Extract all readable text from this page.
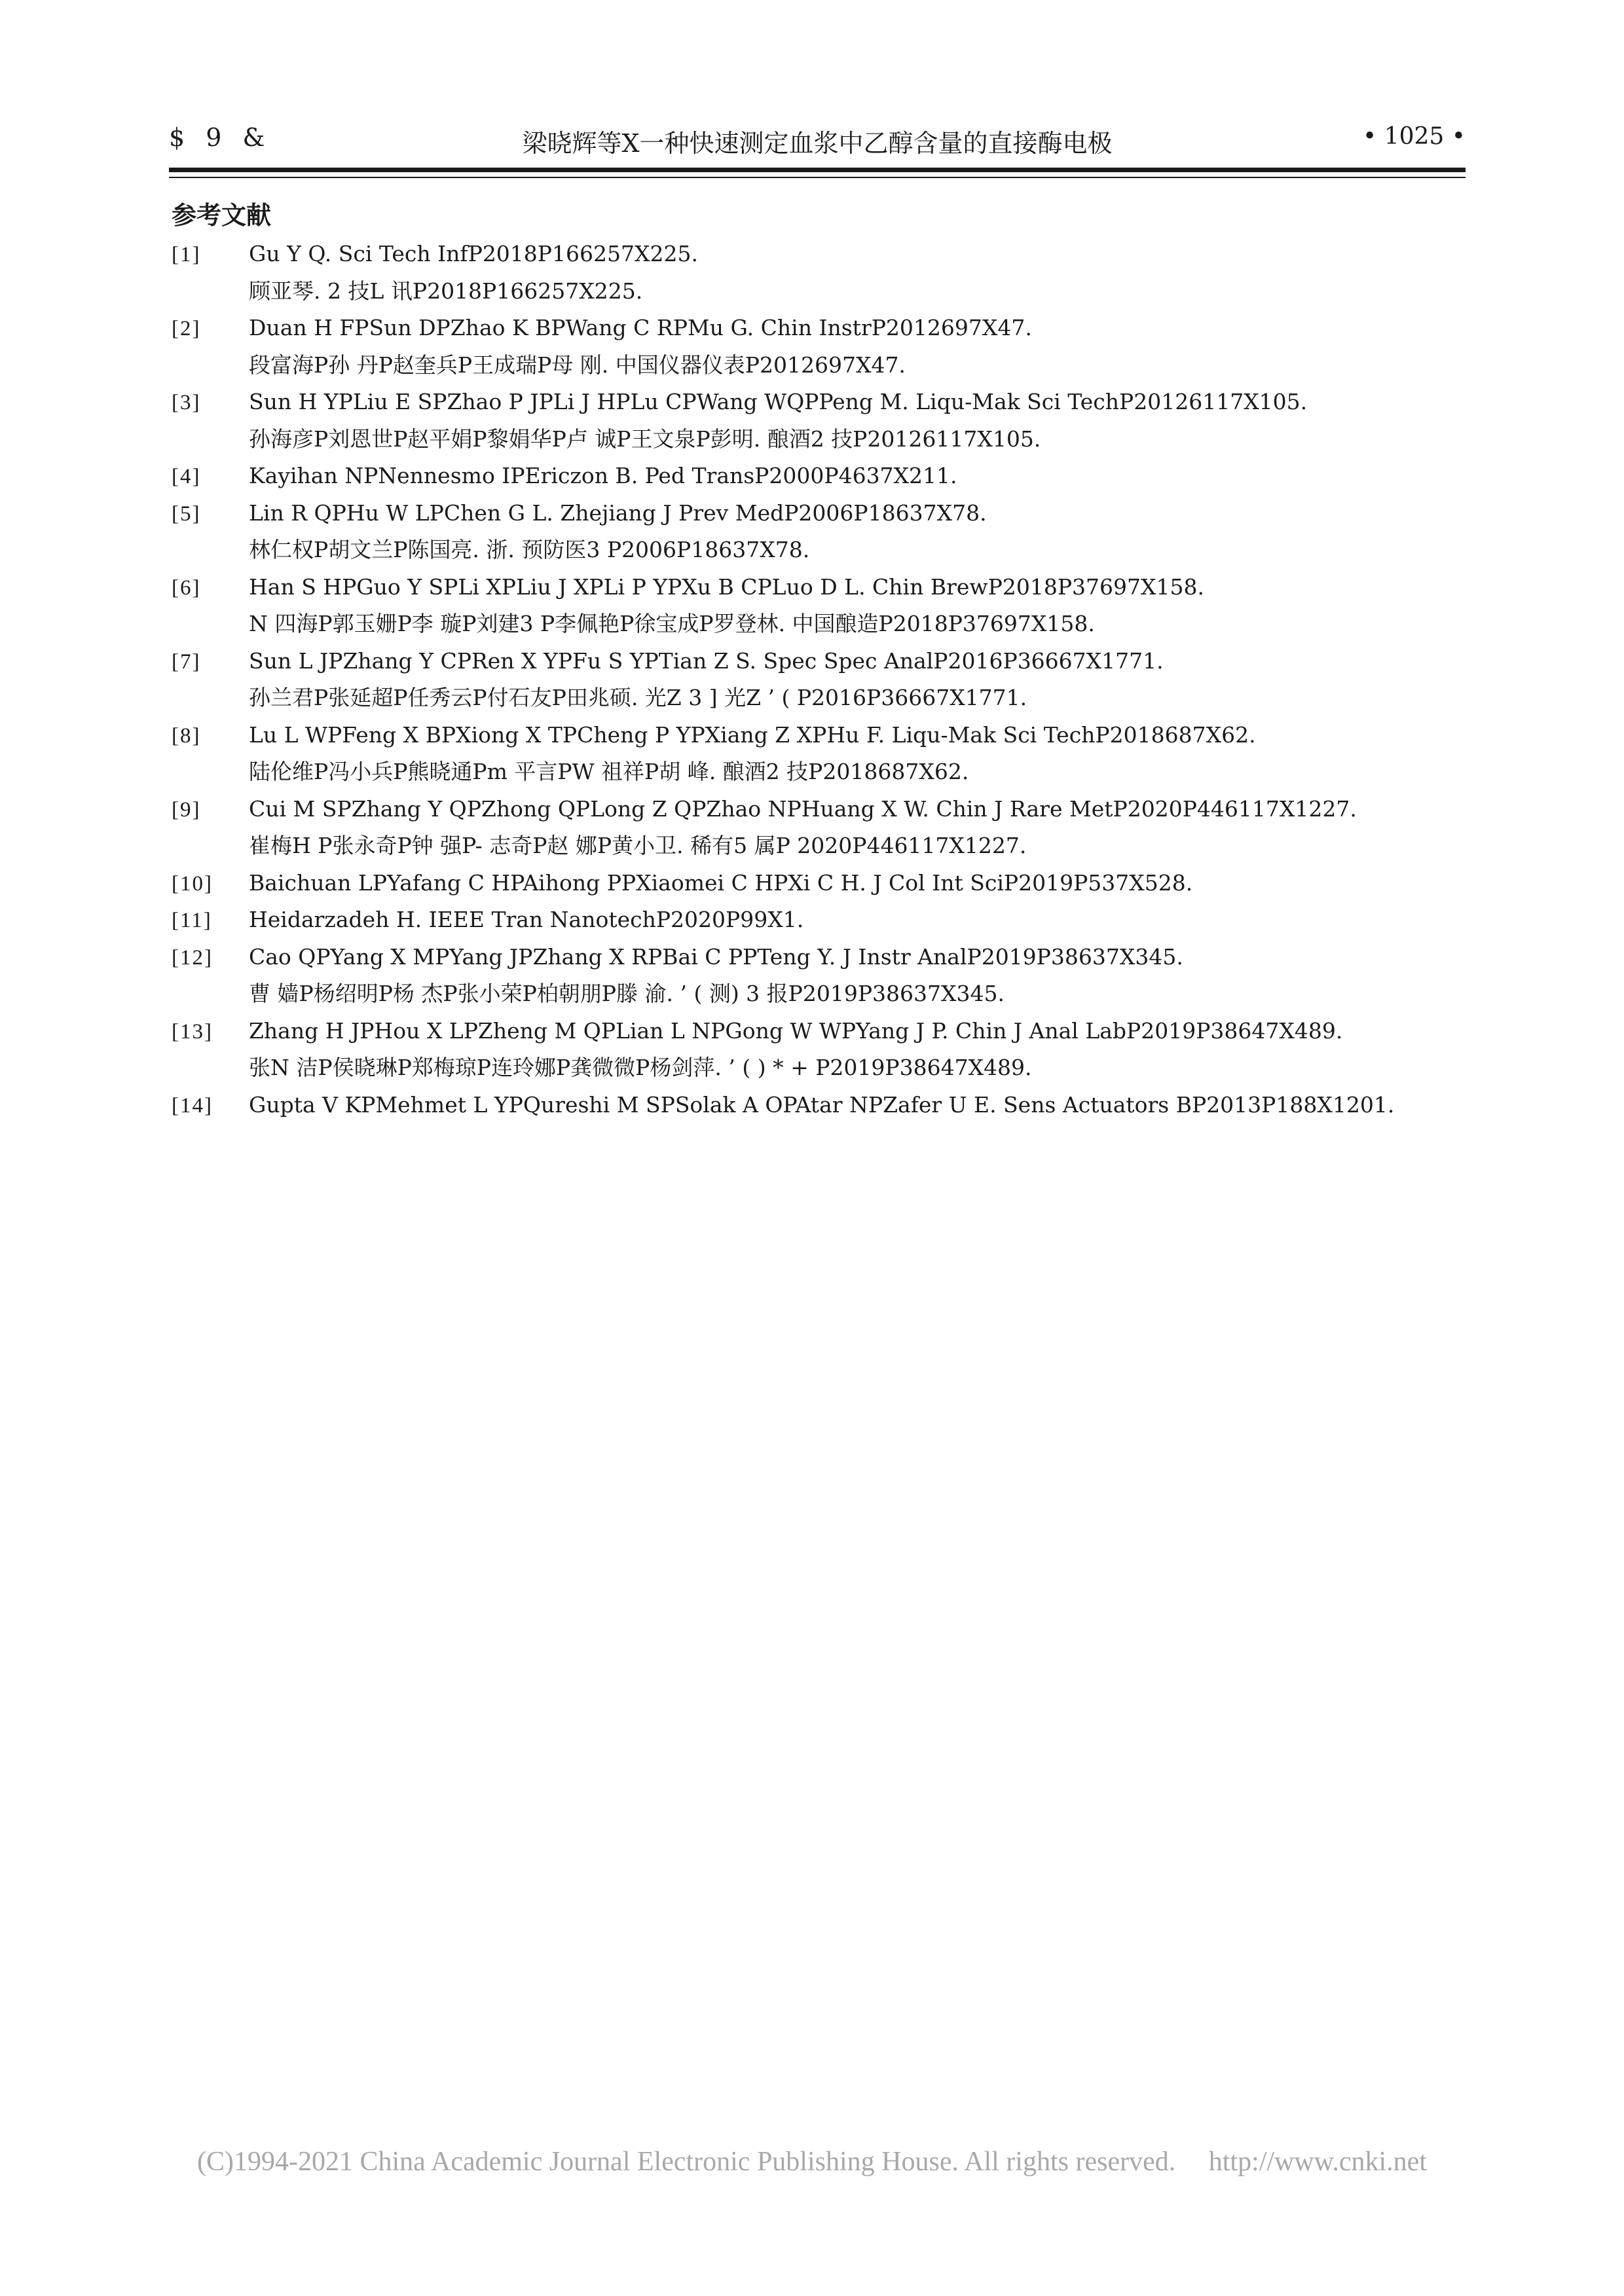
$ 9 &	梁晓辉等X一种快速测定血浆中乙醇含量的直接酶电极	• 1025 •
参考文献
[1] Gu Y Q. Sci Tech InfP2018P166257X225.
顾亚琴. 2 技L 讯P2018P166257X225.
[2] Duan H FPSun DPZhao K BPWang C RPMu G. Chin InstrP2012697X47.
段富海P孙 丹P赵奎兵P王成瑞P母 刚. 中国仪器仪表P2012697X47.
[3] Sun H YPLiu E SPZhao P JPLi J HPLu CPWang WQPPeng M. Liqu-Mak Sci TechP20126117X105.
孙海彦P刘恩世P赵平娟P黎娟华P卢 诚P王文泉P彭明. 酿酒2 技P20126117X105.
[4] Kayihan NPNennesmo IPEriczon B. Ped TransP2000P4637X211.
[5] Lin R QPHu W LPChen G L. Zhejiang J Prev MedP2006P18637X78.
林仁权P胡文兰P陈国亮. 浙. 预防医3 P2006P18637X78.
[6] Han S HPGuo Y SPLi XPLiu J XPLi P YPXu B CPLuo D L. Chin BrewP2018P37697X158.
N 四海P郭玉姗P李 璇P刘建3 P李佩艳P徐宝成P罗登林. 中国酿造P2018P37697X158.
[7] Sun L JPZhang Y CPRen X YPFu S YPTian Z S. Spec Spec AnalP2016P36667X1771.
孙兰君P张延超P任秀云P付石友P田兆硕. 光Z 3 ] 光Z ’ ( P2016P36667X1771.
[8] Lu L WPFeng X BPXiong X TPCheng P YPXiang Z XPHu F. Liqu-Mak Sci TechP2018687X62.
陆伦维P冯小兵P熊晓通Pm 平言PW 祖祥P胡 峰. 酿酒2 技P2018687X62.
[9] Cui M SPZhang Y QPZhong QPLong Z QPZhao NPHuang X W. Chin J Rare MetP2020P446117X1227.
崔梅H P张永奇P钟 强P- 志奇P赵 娜P黄小卫. 稀有5 属P 2020P446117X1227.
[10] Baichuan LPYafang C HPAihong PPXiaomei C HPXi C H. J Col Int SciP2019P537X528.
[11] Heidarzadeh H. IEEE Tran NanotechP2020P99X1.
[12] Cao QPYang X MPYang JPZhang X RPBai C PPTeng Y. J Instr AnalP2019P38637X345.
曹 嫱P杨绍明P杨 杰P张小荣P柏朝朋P滕 渝. ’ ( 测) 3 报P2019P38637X345.
[13] Zhang H JPHou X LPZheng M QPLian L NPGong W WPYang J P. Chin J Anal LabP2019P38647X489.
张N 洁P侯晓琳P郑梅琼P连玲娜P龚微微P杨剑萍. ’ ( ) * + P2019P38647X489.
[14] Gupta V KPMehmet L YPQureshi M SPSolak A OPAtar NPZafer U E. Sens Actuators BP2013P188X1201.
(C)1994-2021 China Academic Journal Electronic Publishing House. All rights reserved. http://www.cnki.net
